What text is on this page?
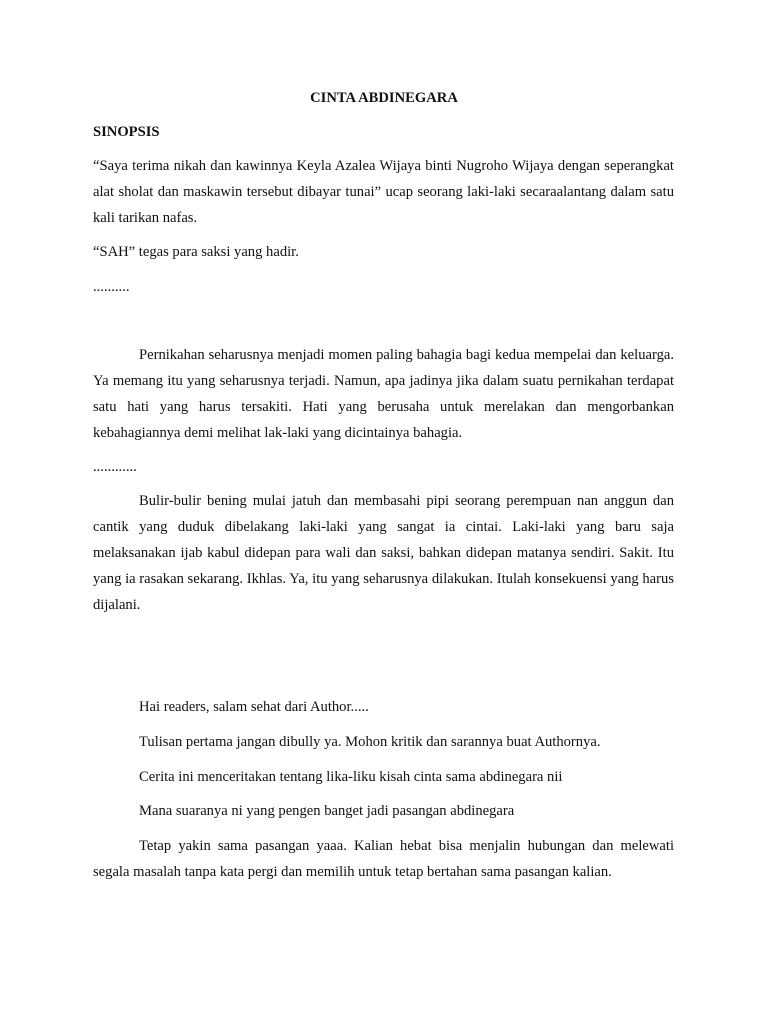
CINTA ABDINEGARA
SINOPSIS
“Saya terima nikah dan kawinnya Keyla Azalea Wijaya binti Nugroho Wijaya dengan seperangkat alat sholat dan maskawin tersebut dibayar tunai” ucap seorang laki-laki secaraalantang dalam satu kali tarikan nafas.
“SAH” tegas para saksi yang hadir.
..........
Pernikahan seharusnya menjadi momen paling bahagia bagi kedua mempelai dan keluarga. Ya memang itu yang seharusnya terjadi. Namun, apa jadinya jika dalam suatu pernikahan terdapat satu hati yang harus tersakiti. Hati yang berusaha untuk merelakan dan mengorbankan kebahagiannya demi melihat lak-laki yang dicintainya bahagia.
............
Bulir-bulir bening mulai jatuh dan membasahi pipi seorang perempuan nan anggun dan cantik yang duduk dibelakang laki-laki yang sangat ia cintai. Laki-laki yang baru saja melaksanakan ijab kabul didepan para wali dan saksi, bahkan didepan matanya sendiri. Sakit. Itu yang ia rasakan sekarang. Ikhlas. Ya, itu yang seharusnya dilakukan. Itulah konsekuensi yang harus dijalani.
Hai readers, salam sehat dari Author.....
Tulisan pertama jangan dibully ya. Mohon kritik dan sarannya buat Authornya.
Cerita ini menceritakan tentang lika-liku kisah cinta sama abdinegara nii
Mana suaranya ni yang pengen banget jadi pasangan abdinegara
Tetap yakin sama pasangan yaaa. Kalian hebat bisa menjalin hubungan dan melewati segala masalah tanpa kata pergi dan memilih untuk tetap bertahan sama pasangan kalian.
